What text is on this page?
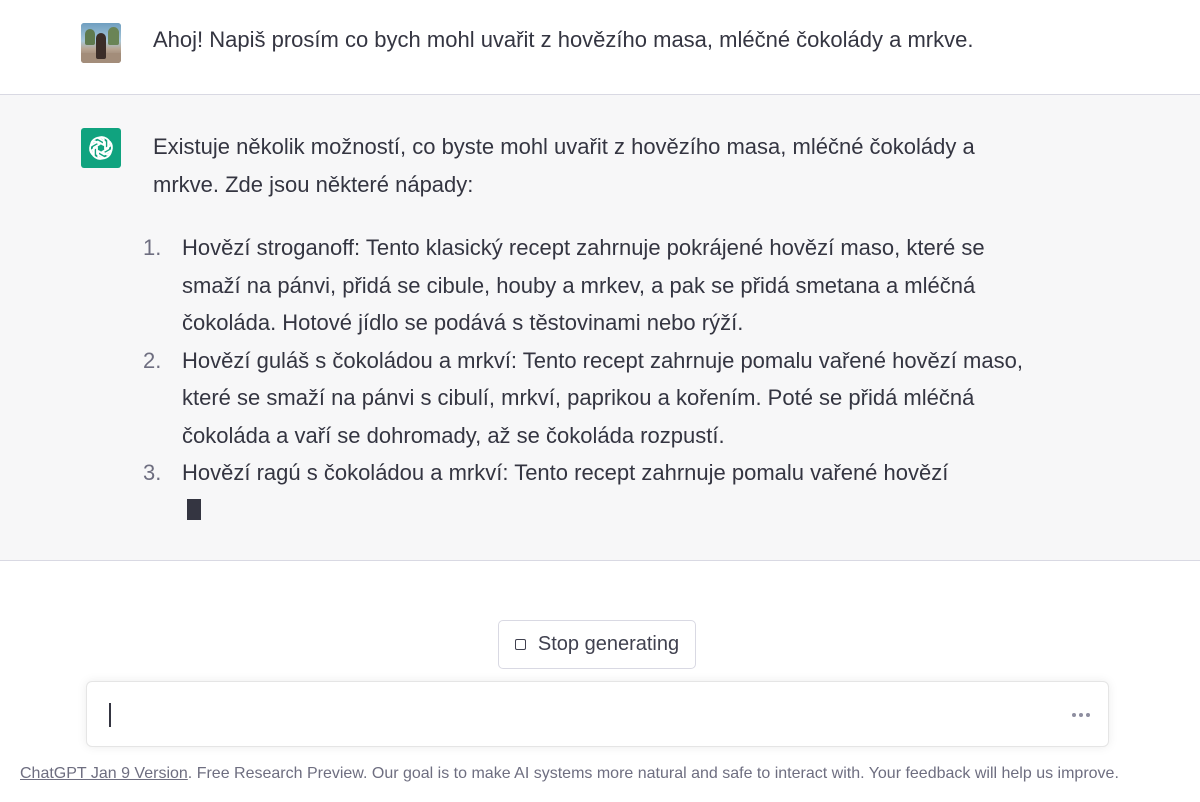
Ahoj! Napiš prosím co bych mohl uvařit z hovězího masa, mléčné čokolády a mrkve.

Existuje několik možností, co byste mohl uvařit z hovězího masa, mléčné čokolády a mrkve. Zde jsou některé nápady:

1. Hovězí stroganoff: Tento klasický recept zahrnuje pokrájené hovězí maso, které se smaží na pánvi, přidá se cibule, houby a mrkev, a pak se přidá smetana a mléčná čokoláda. Hotové jídlo se podává s těstovinami nebo rýží.
2. Hovězí guláš s čokoládou a mrkví: Tento recept zahrnuje pomalu vařené hovězí maso, které se smaží na pánvi s cibulí, mrkví, paprikou a kořením. Poté se přidá mléčná čokoláda a vaří se dohromady, až se čokoláda rozpustí.
3. Hovězí ragú s čokoládou a mrkví: Tento recept zahrnuje pomalu vařené hovězí
Stop generating
ChatGPT Jan 9 Version. Free Research Preview. Our goal is to make AI systems more natural and safe to interact with. Your feedback will help us improve.
